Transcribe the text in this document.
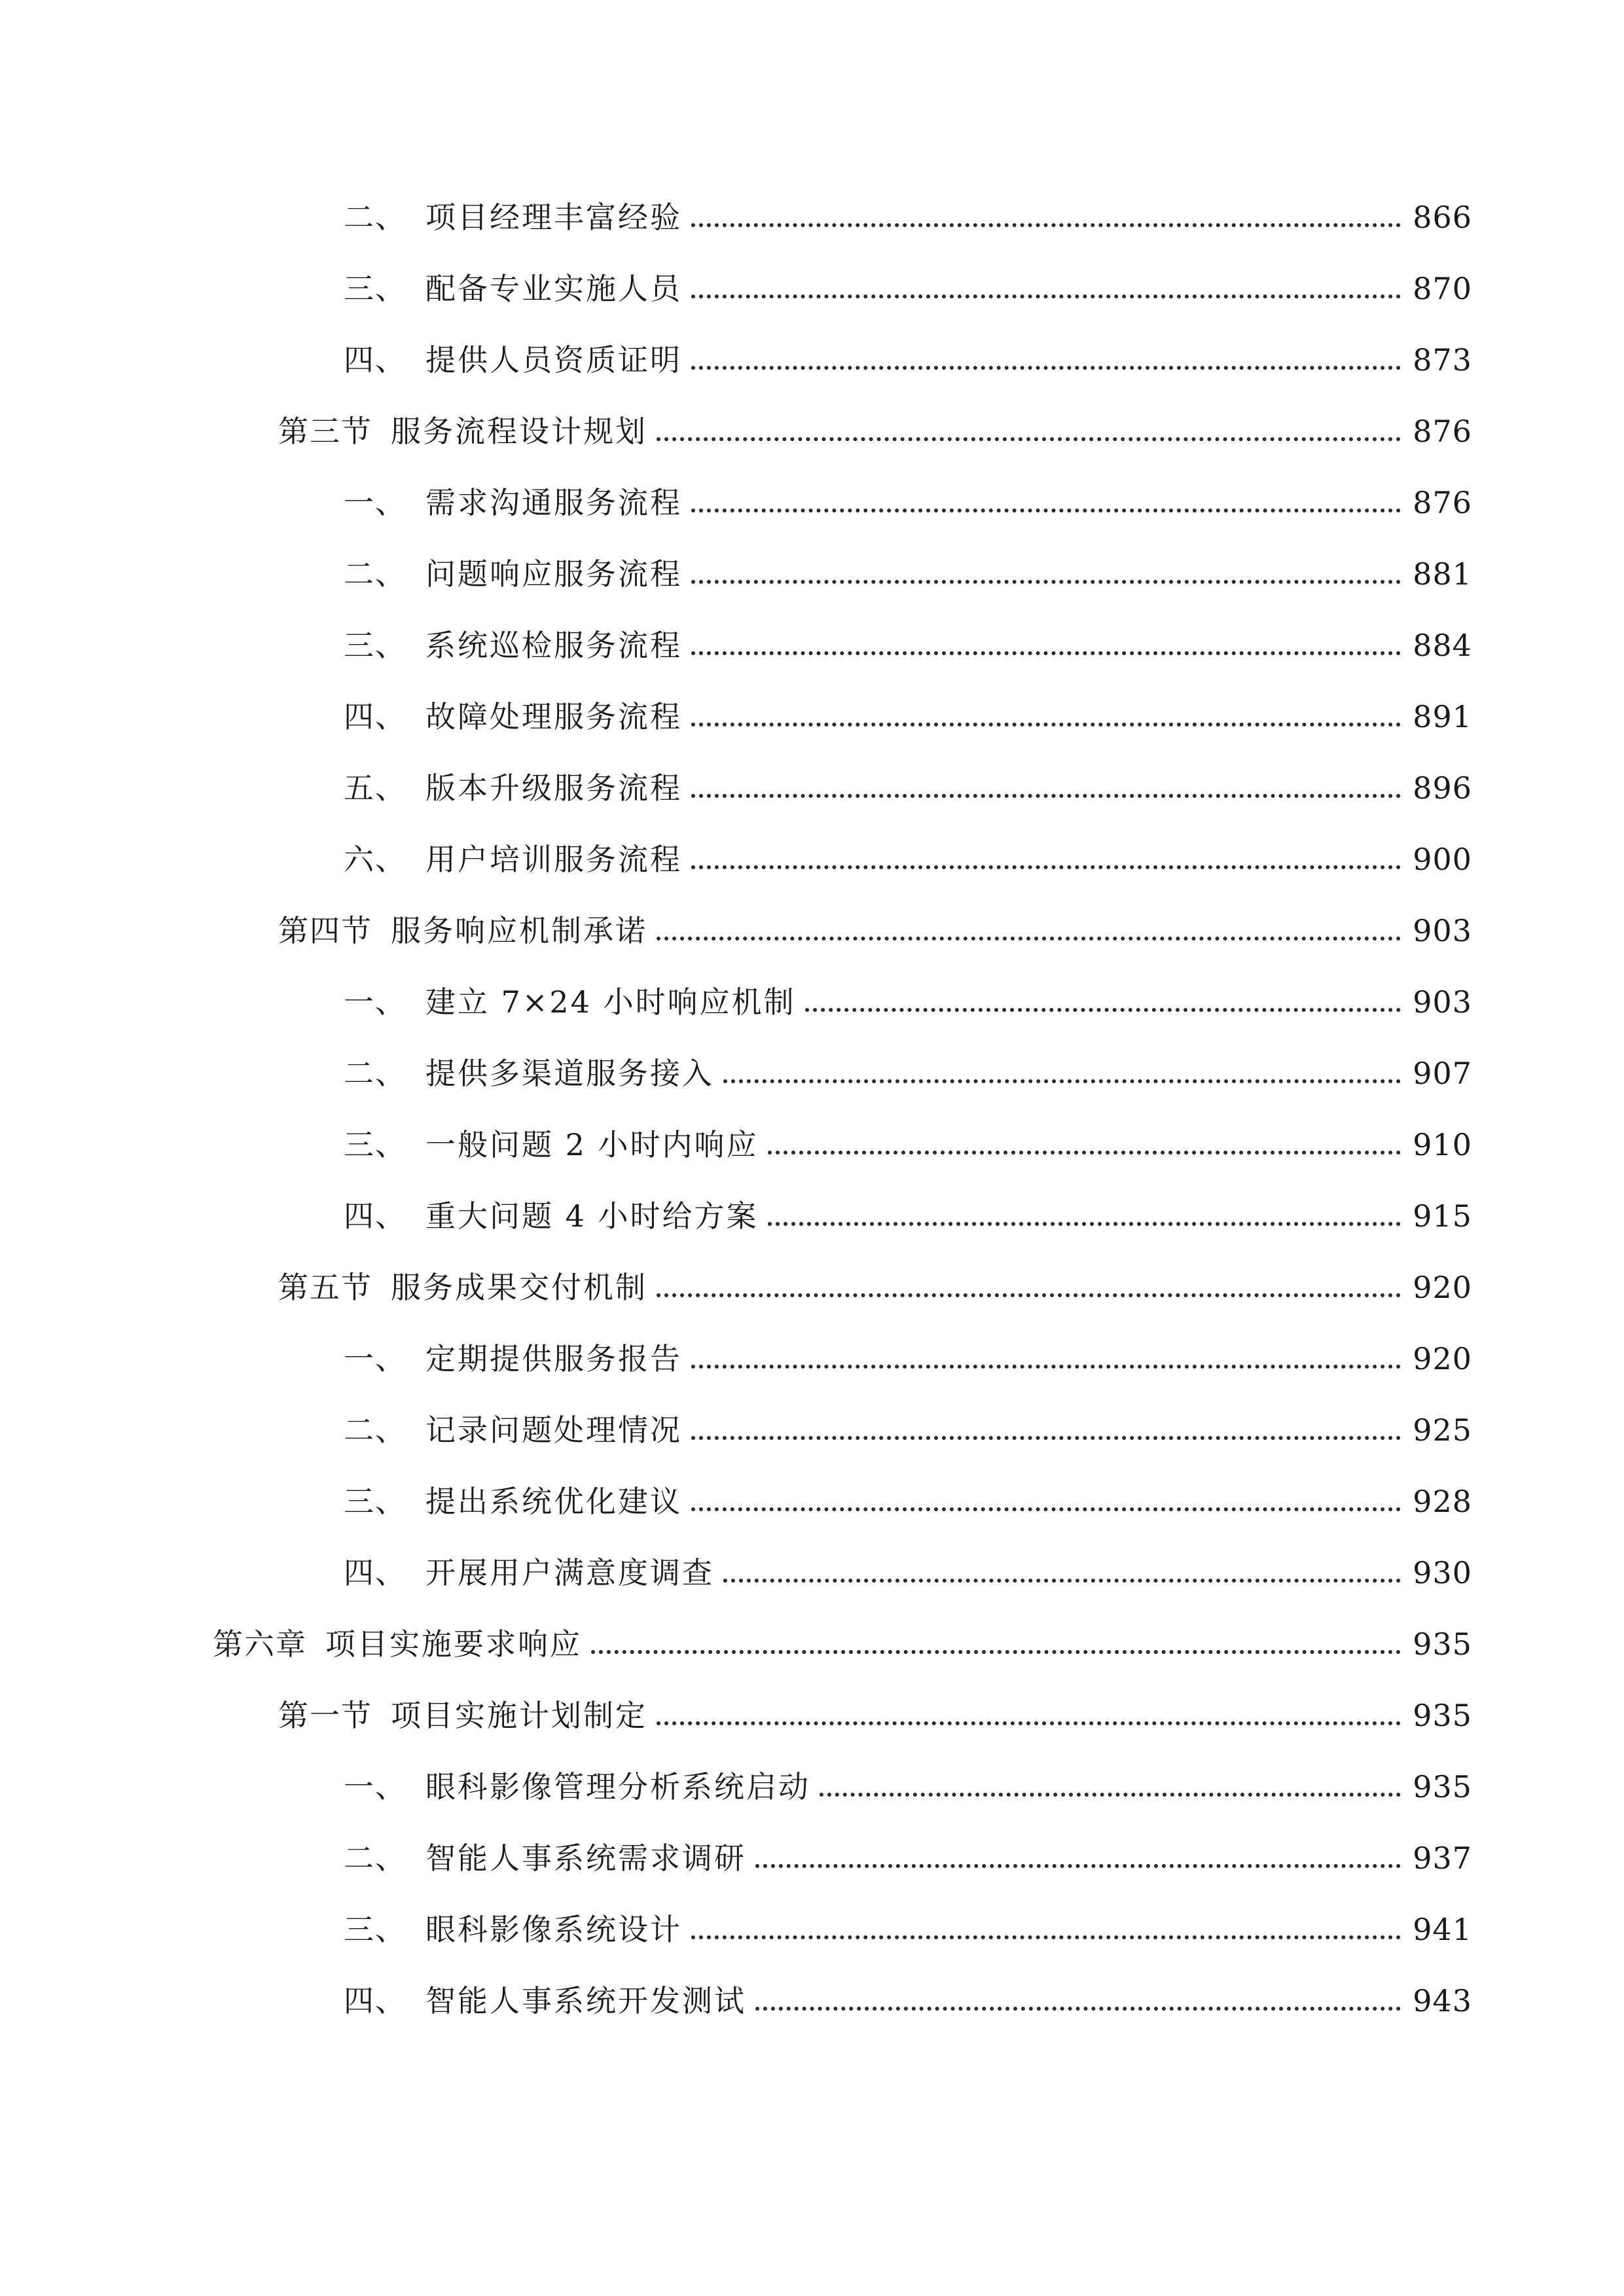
二、 项目经理丰富经验	866
三、 配备专业实施人员	870
四、 提供人员资质证明	873
第三节 服务流程设计规划	876
一、 需求沟通服务流程	876
二、 问题响应服务流程	881
三、 系统巡检服务流程	884
四、 故障处理服务流程	891
五、 版本升级服务流程	896
六、 用户培训服务流程	900
第四节 服务响应机制承诺	903
一、 建立 7×24 小时响应机制	903
二、 提供多渠道服务接入	907
三、 一般问题 2 小时内响应	910
四、 重大问题 4 小时给方案	915
第五节 服务成果交付机制	920
一、 定期提供服务报告	920
二、 记录问题处理情况	925
三、 提出系统优化建议	928
四、 开展用户满意度调查	930
第六章 项目实施要求响应	935
第一节 项目实施计划制定	935
一、 眼科影像管理分析系统启动	935
二、 智能人事系统需求调研	937
三、 眼科影像系统设计	941
四、 智能人事系统开发测试	943
